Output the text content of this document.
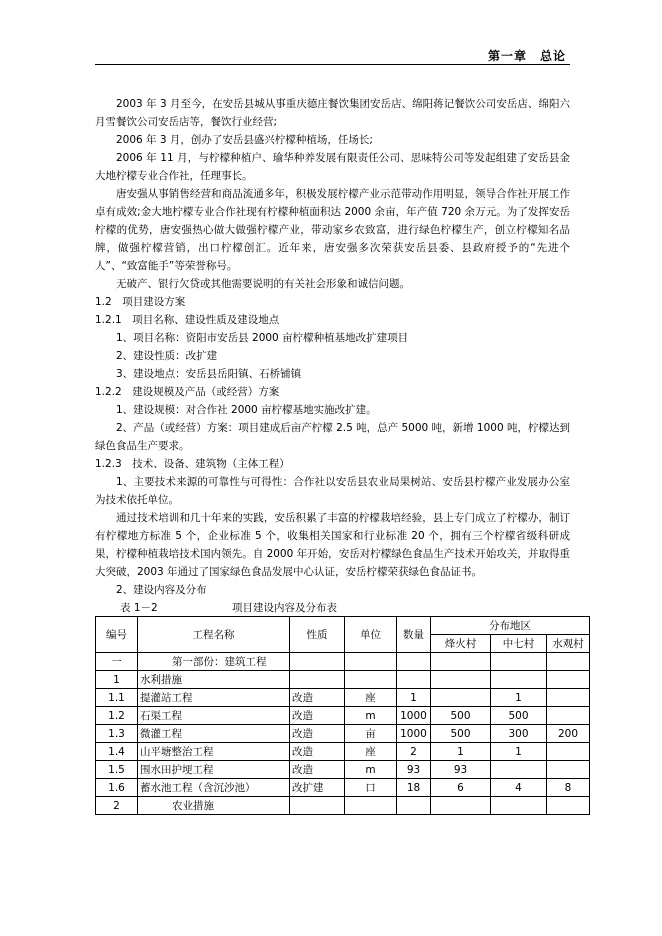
第一章　总论

2003 年 3 月至今，在安岳县城从事重庆德庄餐饮集团安岳店、绵阳蒋记餐饮公司安岳店、绵阳六月雪餐饮公司安岳店等，餐饮行业经营;

2006 年 3 月，创办了安岳县盛兴柠檬种植场，任场长;

2006 年 11 月，与柠檬种植户、瑜华种养发展有限责任公司、思味特公司等发起组建了安岳县金大地柠檬专业合作社，任理事长。

唐安强从事销售经营和商品流通多年，积极发展柠檬产业示范带动作用明显，领导合作社开展工作卓有成效;金大地柠檬专业合作社现有柠檬种植面积达 2000 余亩，年产值 720 余万元。为了发挥安岳柠檬的优势，唐安强热心做大做强柠檬产业，带动家乡农致富，进行绿色柠檬生产，创立柠檬知名品牌，做强柠檬营销，出口柠檬创汇。近年来，唐安强多次荣获安岳县委、县政府授予的“先进个人”、“致富能手”等荣誉称号。

无破产、银行欠贷或其他需要说明的有关社会形象和诚信问题。

1.2　项目建设方案

1.2.1　项目名称、建设性质及建设地点

1、项目名称：资阳市安岳县 2000 亩柠檬种植基地改扩建项目

2、建设性质：改扩建

3、建设地点：安岳县岳阳镇、石桥铺镇

1.2.2　建设规模及产品（或经营）方案

1、建设规模：对合作社 2000 亩柠檬基地实施改扩建。

2、产品（或经营）方案：项目建成后亩产柠檬 2.5 吨，总产 5000 吨，新增 1000 吨，柠檬达到绿色食品生产要求。

1.2.3　技术、设备、建筑物（主体工程）

1、主要技术来源的可靠性与可得性：合作社以安岳县农业局果树站、安岳县柠檬产业发展办公室为技术依托单位。

通过技术培训和几十年来的实践，安岳积累了丰富的柠檬栽培经验，县上专门成立了柠檬办，制订有柠檬地方标准 5 个，企业标准 5 个，收集相关国家和行业标准 20 个，拥有三个柠檬省级科研成果，柠檬种植栽培技术国内领先。自 2000 年开始，安岳对柠檬绿色食品生产技术开始攻关，并取得重大突破，2003 年通过了国家绿色食品发展中心认证，安岳柠檬荣获绿色食品证书。

2、建设内容及分布

表 1－2	项目建设内容及分布表
编号	工程名称	性质	单位	数量	分布地区		
					烽火村	中七村	水观村
一	第一部份：建筑工程						
1	水利措施						
1.1	提灌站工程	改造	座	1		1	
1.2	石渠工程	改造	m	1000	500	500	
1.3	微灌工程	改造	亩	1000	500	300	200
1.4	山平塘整治工程	改造	座	2	1	1	
1.5	围水田护埂工程	改造	m	93	93		
1.6	蓄水池工程（含沉沙池）	改扩建	口	18	6	4	8
2	农业措施						
